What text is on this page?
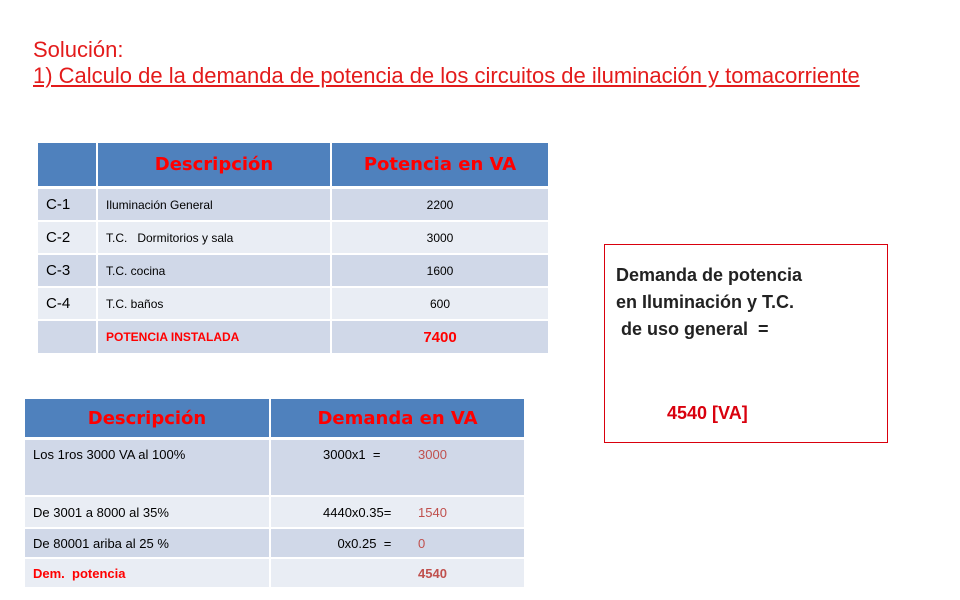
Solución:
1) Calculo de la demanda de potencia de los circuitos de iluminación y tomacorriente
	Descripción	Potencia en VA
C-1	Iluminación General	2200
C-2	T.C.   Dormitorios y sala	3000
C-3	T.C. cocina	1600
C-4	T.C. baños	600
	POTENCIA INSTALADA	7400
Descripción	Demanda en VA
Los 1ros 3000 VA al 100%	3000x1  = 3000
De 3001 a 8000 al 35%	4440x0.35= 1540
De 80001 ariba al 25 %	0x0.25  = 0
Dem.  potencia	4540
Demanda de potencia
en Iluminación y T.C.
de uso general  =
4540 [VA]
